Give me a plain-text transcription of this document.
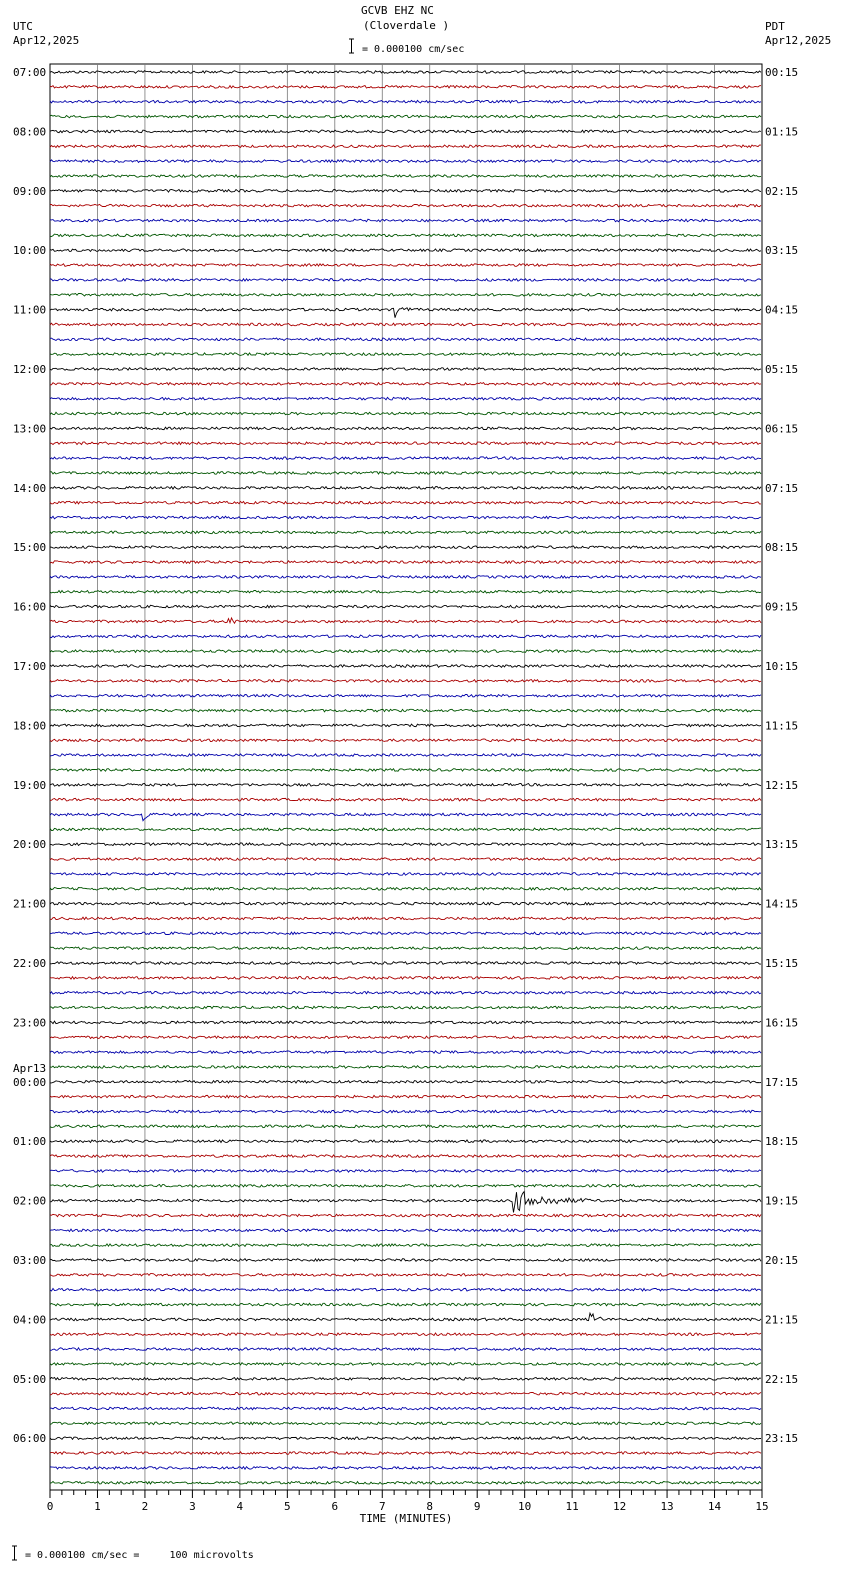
GCVB EHZ NC
(Cloverdale )
= 0.000100 cm/sec
UTC
Apr12,2025
PDT
Apr12,2025
07:00
08:00
09:00
10:00
11:00
12:00
13:00
14:00
15:00
16:00
17:00
18:00
19:00
20:00
21:00
22:00
23:00
00:00
Apr13
01:00
02:00
03:00
04:00
05:00
06:00
00:15
01:15
02:15
03:15
04:15
05:15
06:15
07:15
08:15
09:15
10:15
11:15
12:15
13:15
14:15
15:15
16:15
17:15
18:15
19:15
20:15
21:15
22:15
23:15
0	1	2	3	4	5	6	7	8	9	10	11	12	13	14	15
TIME (MINUTES)
= 0.000100 cm/sec =     100 microvolts
